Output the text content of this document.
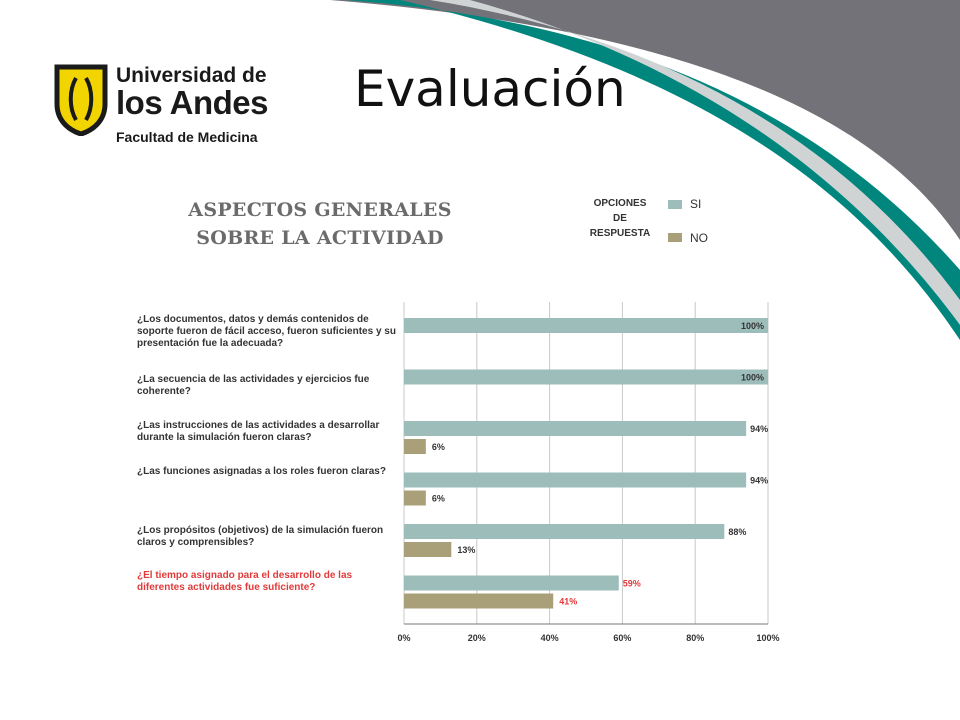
Universidad de
los Andes
Facultad de Medicina
Evaluación
ASPECTOS GENERALES
SOBRE LA ACTIVIDAD
OPCIONES
DE
RESPUESTA
SI
NO
¿Los documentos, datos y demás contenidos de soporte fueron de fácil acceso, fueron suficientes y su presentación fue la adecuada?
¿La secuencia de las actividades y ejercicios fue coherente?
¿Las instrucciones de las actividades a desarrollar durante la simulación fueron claras?
¿Las funciones asignadas a los roles fueron claras?
¿Los propósitos (objetivos) de la simulación fueron claros y comprensibles?
¿El tiempo asignado para el desarrollo de las diferentes actividades fue suficiente?
0%	20%	40%	60%	80%	100%
100%
100%
94%
6%
94%
6%
88%
13%
59%
41%
